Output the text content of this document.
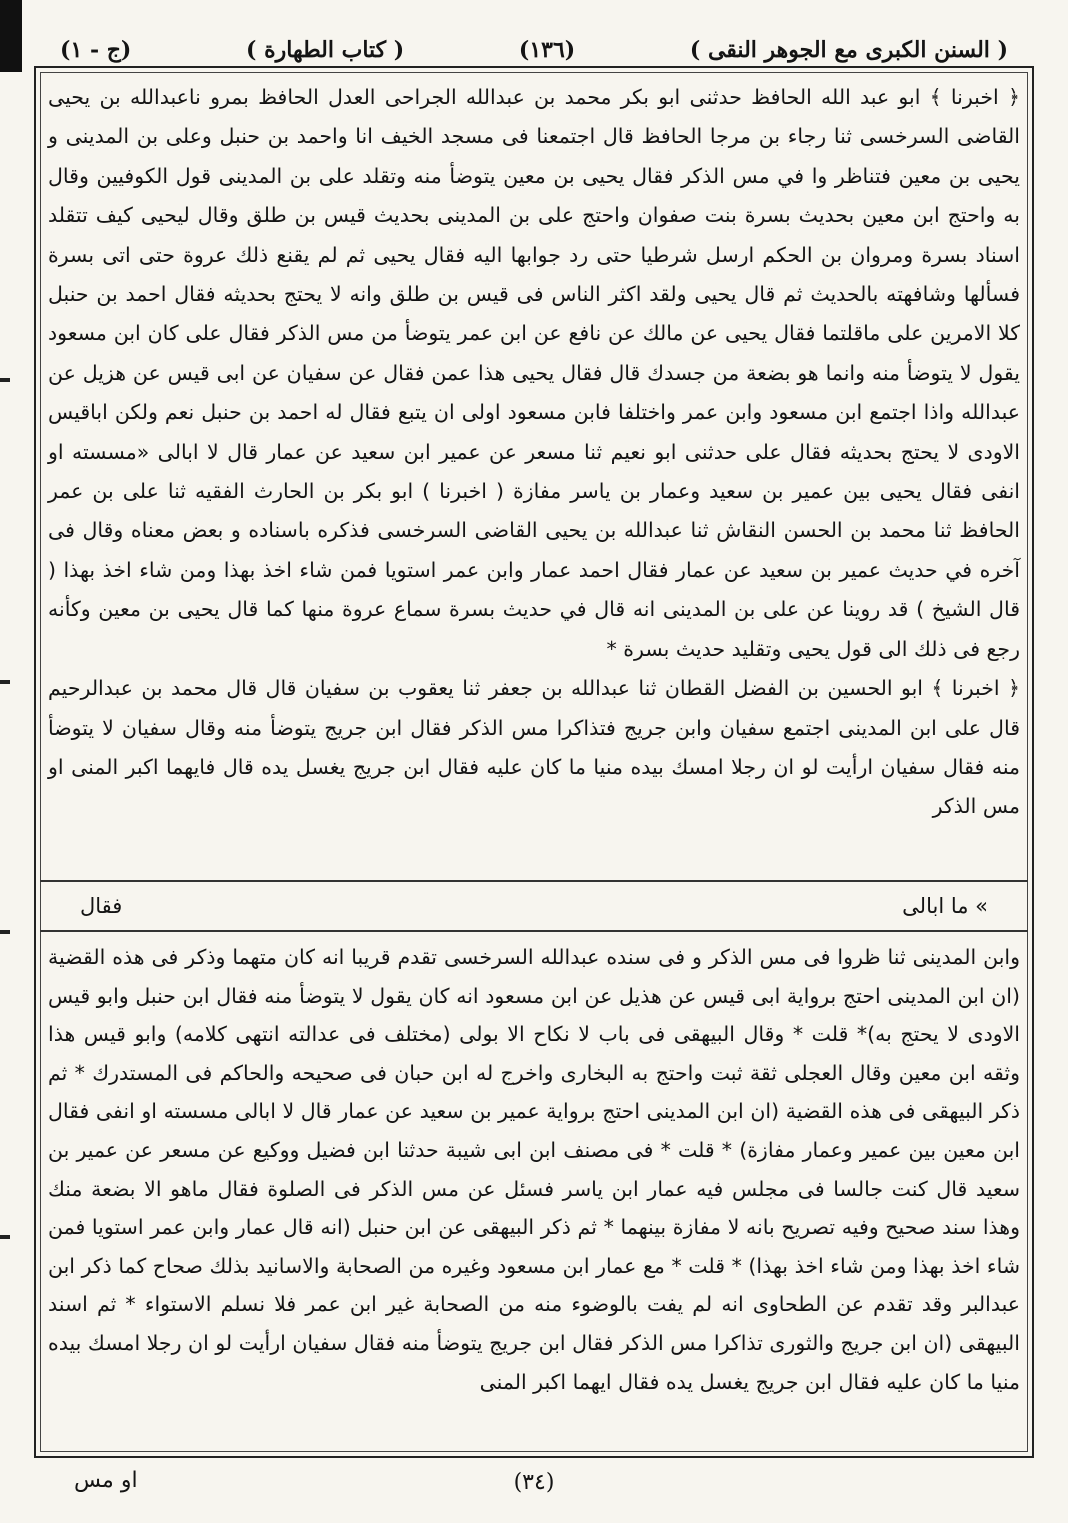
( السنن الكبرى مع الجوهر النقى )
(١٣٦)
( كتاب الطهارة )
(ج - ١)

﴿ اخبرنا ﴾ ابو عبد الله الحافظ حدثنى ابو بكر محمد بن عبدالله الجراحى العدل الحافظ بمرو ناعبدالله بن يحيى القاضى السرخسى ثنا رجاء بن مرجا الحافظ قال اجتمعنا فى مسجد الخيف انا واحمد بن حنبل وعلى بن المدينى و يحيى بن معين فتناظر وا في مس الذكر فقال يحيى بن معين يتوضأ منه وتقلد على بن المدينى قول الكوفيين وقال به واحتج ابن معين بحديث بسرة بنت صفوان واحتج على بن المدينى بحديث قيس بن طلق وقال ليحيى كيف تتقلد اسناد بسرة ومروان بن الحكم ارسل شرطيا حتى رد جوابها اليه فقال يحيى ثم لم يقنع ذلك عروة حتى اتى بسرة فسألها وشافهته بالحديث ثم قال يحيى ولقد اكثر الناس فى قيس بن طلق وانه لا يحتج بحديثه فقال احمد بن حنبل كلا الامرين على ماقلتما فقال يحيى عن مالك عن نافع عن ابن عمر يتوضأ من مس الذكر فقال على كان ابن مسعود يقول لا يتوضأ منه وانما هو بضعة من جسدك قال فقال يحيى هذا عمن فقال عن سفيان عن ابى قيس عن هزيل عن عبدالله واذا اجتمع ابن مسعود وابن عمر واختلفا فابن مسعود اولى ان يتبع فقال له احمد بن حنبل نعم ولكن اباقيس الاودى لا يحتج بحديثه فقال على حدثنى ابو نعيم ثنا مسعر عن عمير ابن سعيد عن عمار قال لا ابالى «مسسته او انفى فقال يحيى بين عمير بن سعيد وعمار بن ياسر مفازة ( اخبرنا ) ابو بكر بن الحارث الفقيه ثنا على بن عمر الحافظ ثنا محمد بن الحسن النقاش ثنا عبدالله بن يحيى القاضى السرخسى فذكره باسناده و بعض معناه وقال فى آخره في حديث عمير بن سعيد عن عمار فقال احمد عمار وابن عمر استويا فمن شاء اخذ بهذا ومن شاء اخذ بهذا ( قال الشيخ ) قد روينا عن على بن المدينى انه قال في حديث بسرة سماع عروة منها كما قال يحيى بن معين وكأنه رجع فى ذلك الى قول يحيى وتقليد حديث بسرة *

﴿ اخبرنا ﴾ ابو الحسين بن الفضل القطان ثنا عبدالله بن جعفر ثنا يعقوب بن سفيان قال قال محمد بن عبدالرحيم قال على ابن المدينى اجتمع سفيان وابن جريج فتذاكرا مس الذكر فقال ابن جريج يتوضأ منه وقال سفيان لا يتوضأ منه فقال سفيان ارأيت لو ان رجلا امسك بيده منيا ما كان عليه فقال ابن جريج يغسل يده قال فايهما اكبر المنى او مس الذكر

» ما ابالى
فقال

وابن المدينى ثنا ظروا فى مس الذكر و فى سنده عبدالله السرخسى تقدم قريبا انه كان متهما وذكر فى هذه القضية (ان ابن المدينى احتج برواية ابى قيس عن هذيل عن ابن مسعود انه كان يقول لا يتوضأ منه فقال ابن حنبل وابو قيس الاودى لا يحتج به)* قلت * وقال البيهقى فى باب لا نكاح الا بولى (مختلف فى عدالته انتهى كلامه) وابو قيس هذا وثقه ابن معين وقال العجلى ثقة ثبت واحتج به البخارى واخرج له ابن حبان فى صحيحه والحاكم فى المستدرك * ثم ذكر البيهقى فى هذه القضية (ان ابن المدينى احتج برواية عمير بن سعيد عن عمار قال لا ابالى مسسته او انفى فقال ابن معين بين عمير وعمار مفازة) * قلت * فى مصنف ابن ابى شيبة حدثنا ابن فضيل ووكيع عن مسعر عن عمير بن سعيد قال كنت جالسا فى مجلس فيه عمار ابن ياسر فسئل عن مس الذكر فى الصلوة فقال ماهو الا بضعة منك وهذا سند صحيح وفيه تصريح بانه لا مفازة بينهما * ثم ذكر البيهقى عن ابن حنبل (انه قال عمار وابن عمر استويا فمن شاء اخذ بهذا ومن شاء اخذ بهذا) * قلت * مع عمار ابن مسعود وغيره من الصحابة والاسانيد بذلك صحاح كما ذكر ابن عبدالبر وقد تقدم عن الطحاوى انه لم يفت بالوضوء منه من الصحابة غير ابن عمر فلا نسلم الاستواء * ثم اسند البيهقى (ان ابن جريج والثورى تذاكرا مس الذكر فقال ابن جريج يتوضأ منه فقال سفيان ارأيت لو ان رجلا امسك بيده منيا ما كان عليه فقال ابن جريج يغسل يده فقال ايهما اكبر المنى

(٣٤)
او مس
